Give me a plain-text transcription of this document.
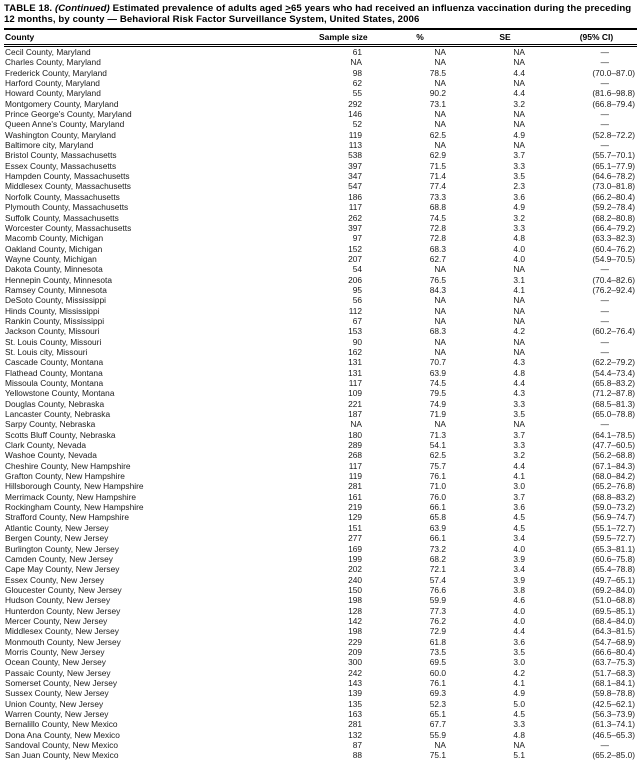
TABLE 18. (Continued) Estimated prevalence of adults aged ≥65 years who had received an influenza vaccination during the preceding 12 months, by county — Behavioral Risk Factor Surveillance System, United States, 2006
County	Sample size	%	SE	(95% CI)
Cecil County, Maryland	61	NA	NA	—
Charles County, Maryland	NA	NA	NA	—
Frederick County, Maryland	98	78.5	4.4	(70.0–87.0)
Harford County, Maryland	62	NA	NA	—
Howard County, Maryland	55	90.2	4.4	(81.6–98.8)
Montgomery County, Maryland	292	73.1	3.2	(66.8–79.4)
Prince George's County, Maryland	146	NA	NA	—
Queen Anne's County, Maryland	52	NA	NA	—
Washington County, Maryland	119	62.5	4.9	(52.8–72.2)
Baltimore city, Maryland	113	NA	NA	—
Bristol County, Massachusetts	538	62.9	3.7	(55.7–70.1)
Essex County, Massachusetts	397	71.5	3.3	(65.1–77.9)
Hampden County, Massachusetts	347	71.4	3.5	(64.6–78.2)
Middlesex County, Massachusetts	547	77.4	2.3	(73.0–81.8)
Norfolk County, Massachusetts	186	73.3	3.6	(66.2–80.4)
Plymouth County, Massachusetts	117	68.8	4.9	(59.2–78.4)
Suffolk County, Massachusetts	262	74.5	3.2	(68.2–80.8)
Worcester County, Massachusetts	397	72.8	3.3	(66.4–79.2)
Macomb County, Michigan	97	72.8	4.8	(63.3–82.3)
Oakland County, Michigan	152	68.3	4.0	(60.4–76.2)
Wayne County, Michigan	207	62.7	4.0	(54.9–70.5)
Dakota County, Minnesota	54	NA	NA	—
Hennepin County, Minnesota	206	76.5	3.1	(70.4–82.6)
Ramsey County, Minnesota	95	84.3	4.1	(76.2–92.4)
DeSoto County, Mississippi	56	NA	NA	—
Hinds County, Mississippi	112	NA	NA	—
Rankin County, Mississippi	67	NA	NA	—
Jackson County, Missouri	153	68.3	4.2	(60.2–76.4)
St. Louis County, Missouri	90	NA	NA	—
St. Louis city, Missouri	162	NA	NA	—
Cascade County, Montana	131	70.7	4.3	(62.2–79.2)
Flathead County, Montana	131	63.9	4.8	(54.4–73.4)
Missoula County, Montana	117	74.5	4.4	(65.8–83.2)
Yellowstone County, Montana	109	79.5	4.3	(71.2–87.8)
Douglas County, Nebraska	221	74.9	3.3	(68.5–81.3)
Lancaster County, Nebraska	187	71.9	3.5	(65.0–78.8)
Sarpy County, Nebraska	NA	NA	NA	—
Scotts Bluff County, Nebraska	180	71.3	3.7	(64.1–78.5)
Clark County, Nevada	289	54.1	3.3	(47.7–60.5)
Washoe County, Nevada	268	62.5	3.2	(56.2–68.8)
Cheshire County, New Hampshire	117	75.7	4.4	(67.1–84.3)
Grafton County, New Hampshire	119	76.1	4.1	(68.0–84.2)
Hillsborough County, New Hampshire	281	71.0	3.0	(65.2–76.8)
Merrimack County, New Hampshire	161	76.0	3.7	(68.8–83.2)
Rockingham County, New Hampshire	219	66.1	3.6	(59.0–73.2)
Strafford County, New Hampshire	129	65.8	4.5	(56.9–74.7)
Atlantic County, New Jersey	151	63.9	4.5	(55.1–72.7)
Bergen County, New Jersey	277	66.1	3.4	(59.5–72.7)
Burlington County, New Jersey	169	73.2	4.0	(65.3–81.1)
Camden County, New Jersey	199	68.2	3.9	(60.6–75.8)
Cape May County, New Jersey	202	72.1	3.4	(65.4–78.8)
Essex County, New Jersey	240	57.4	3.9	(49.7–65.1)
Gloucester County, New Jersey	150	76.6	3.8	(69.2–84.0)
Hudson County, New Jersey	198	59.9	4.6	(51.0–68.8)
Hunterdon County, New Jersey	128	77.3	4.0	(69.5–85.1)
Mercer County, New Jersey	142	76.2	4.0	(68.4–84.0)
Middlesex County, New Jersey	198	72.9	4.4	(64.3–81.5)
Monmouth County, New Jersey	229	61.8	3.6	(54.7–68.9)
Morris County, New Jersey	209	73.5	3.5	(66.6–80.4)
Ocean County, New Jersey	300	69.5	3.0	(63.7–75.3)
Passaic County, New Jersey	242	60.0	4.2	(51.7–68.3)
Somerset County, New Jersey	143	76.1	4.1	(68.1–84.1)
Sussex County, New Jersey	139	69.3	4.9	(59.8–78.8)
Union County, New Jersey	135	52.3	5.0	(42.5–62.1)
Warren County, New Jersey	163	65.1	4.5	(56.3–73.9)
Bernalillo County, New Mexico	281	67.7	3.3	(61.3–74.1)
Dona Ana County, New Mexico	132	55.9	4.8	(46.5–65.3)
Sandoval County, New Mexico	87	NA	NA	—
San Juan County, New Mexico	88	75.1	5.1	(65.2–85.0)
